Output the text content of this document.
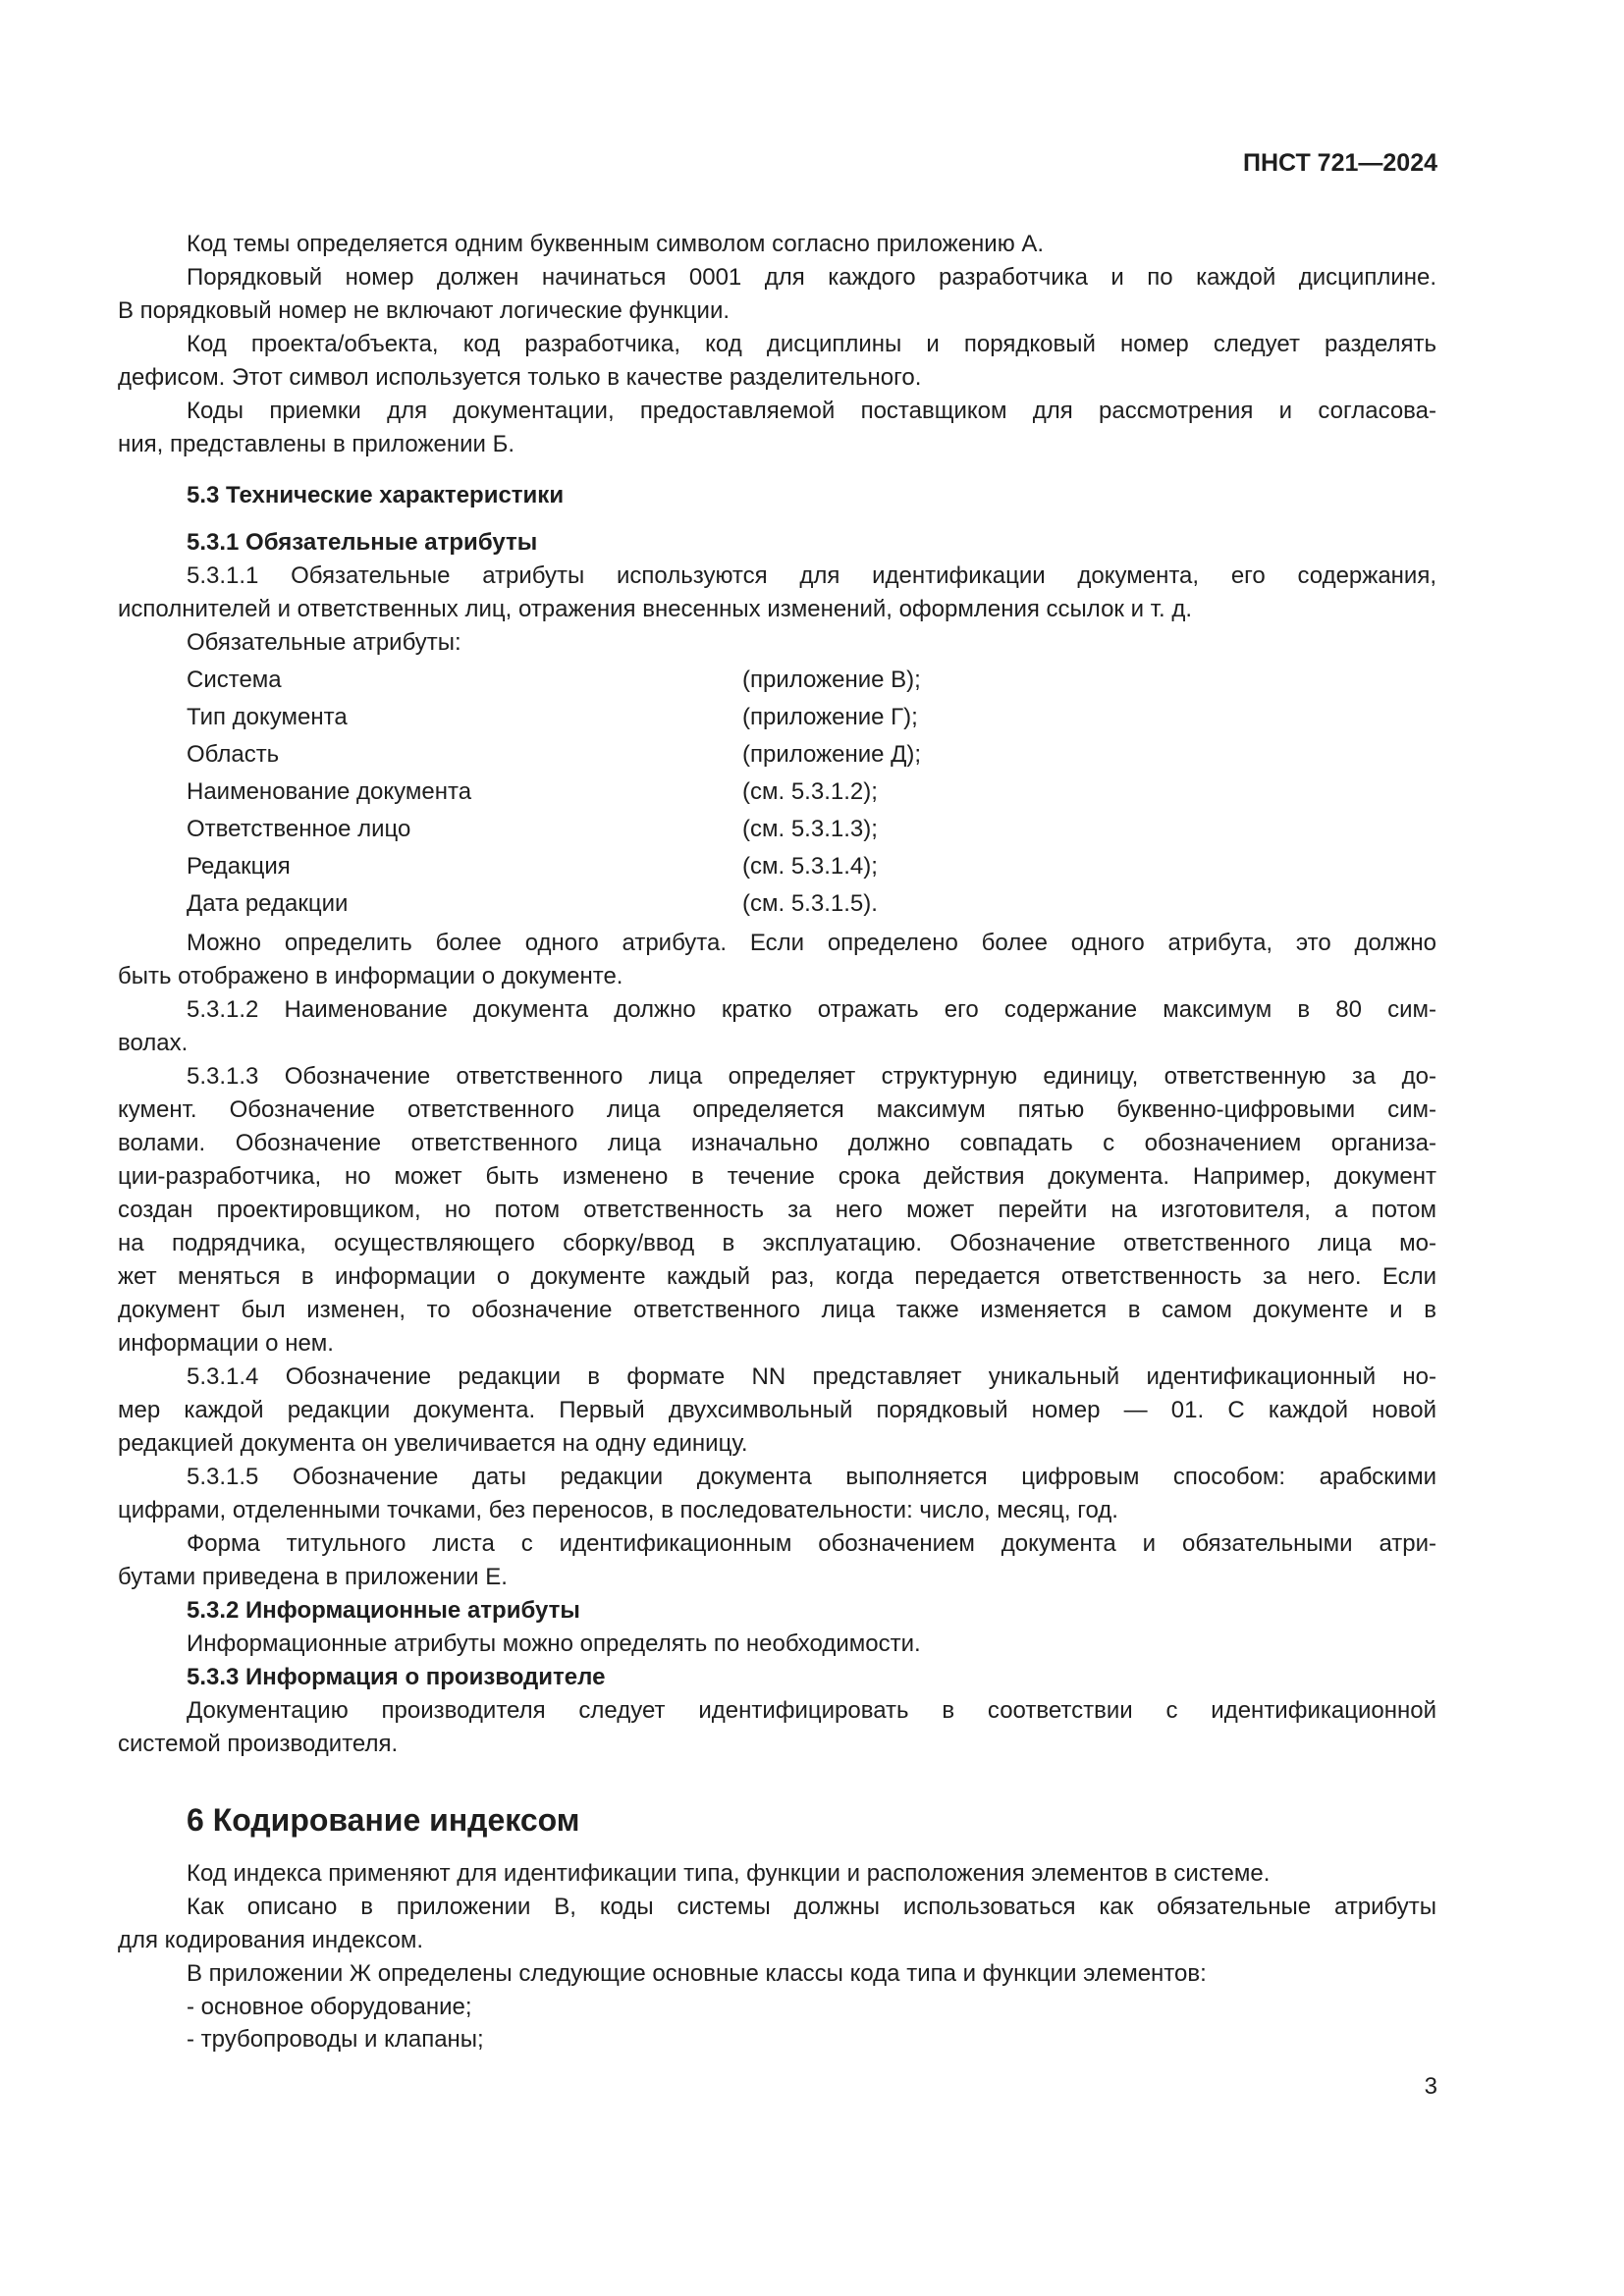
ПНСТ 721—2024
Код темы определяется одним буквенным символом согласно приложению А.
Порядковый номер должен начинаться 0001 для каждого разработчика и по каждой дисциплине.
В порядковый номер не включают логические функции.
Код проекта/объекта, код разработчика, код дисциплины и порядковый номер следует разделять
дефисом. Этот символ используется только в качестве разделительного.
Коды приемки для документации, предоставляемой поставщиком для рассмотрения и согласова-
ния, представлены в приложении Б.
5.3 Технические характеристики
5.3.1 Обязательные атрибуты
5.3.1.1 Обязательные атрибуты используются для идентификации документа, его содержания,
исполнителей и ответственных лиц, отражения внесенных изменений, оформления ссылок и т. д.
Обязательные атрибуты:
Система	(приложение В);
Тип документа	(приложение Г);
Область	(приложение Д);
Наименование документа	(см. 5.3.1.2);
Ответственное лицо	(см. 5.3.1.3);
Редакция	(см. 5.3.1.4);
Дата редакции	(см. 5.3.1.5).
Можно определить более одного атрибута. Если определено более одного атрибута, это должно
быть отображено в информации о документе.
5.3.1.2 Наименование документа должно кратко отражать его содержание максимум в 80 сим-
волах.
5.3.1.3 Обозначение ответственного лица определяет структурную единицу, ответственную за до-
кумент. Обозначение ответственного лица определяется максимум пятью буквенно-цифровыми сим-
волами. Обозначение ответственного лица изначально должно совпадать с обозначением организа-
ции-разработчика, но может быть изменено в течение срока действия документа. Например, документ
создан проектировщиком, но потом ответственность за него может перейти на изготовителя, а потом
на подрядчика, осуществляющего сборку/ввод в эксплуатацию. Обозначение ответственного лица мо-
жет меняться в информации о документе каждый раз, когда передается ответственность за него. Если
документ был изменен, то обозначение ответственного лица также изменяется в самом документе и в
информации о нем.
5.3.1.4 Обозначение редакции в формате NN представляет уникальный идентификационный но-
мер каждой редакции документа. Первый двухсимвольный порядковый номер — 01. С каждой новой
редакцией документа он увеличивается на одну единицу.
5.3.1.5 Обозначение даты редакции документа выполняется цифровым способом: арабскими
цифрами, отделенными точками, без переносов, в последовательности: число, месяц, год.
Форма титульного листа с идентификационным обозначением документа и обязательными атри-
бутами приведена в приложении Е.
5.3.2 Информационные атрибуты
Информационные атрибуты можно определять по необходимости.
5.3.3 Информация о производителе
Документацию производителя следует идентифицировать в соответствии с идентификационной
системой производителя.
6 Кодирование индексом
Код индекса применяют для идентификации типа, функции и расположения элементов в системе.
Как описано в приложении В, коды системы должны использоваться как обязательные атрибуты
для кодирования индексом.
В приложении Ж определены следующие основные классы кода типа и функции элементов:
- основное оборудование;
- трубопроводы и клапаны;
3
